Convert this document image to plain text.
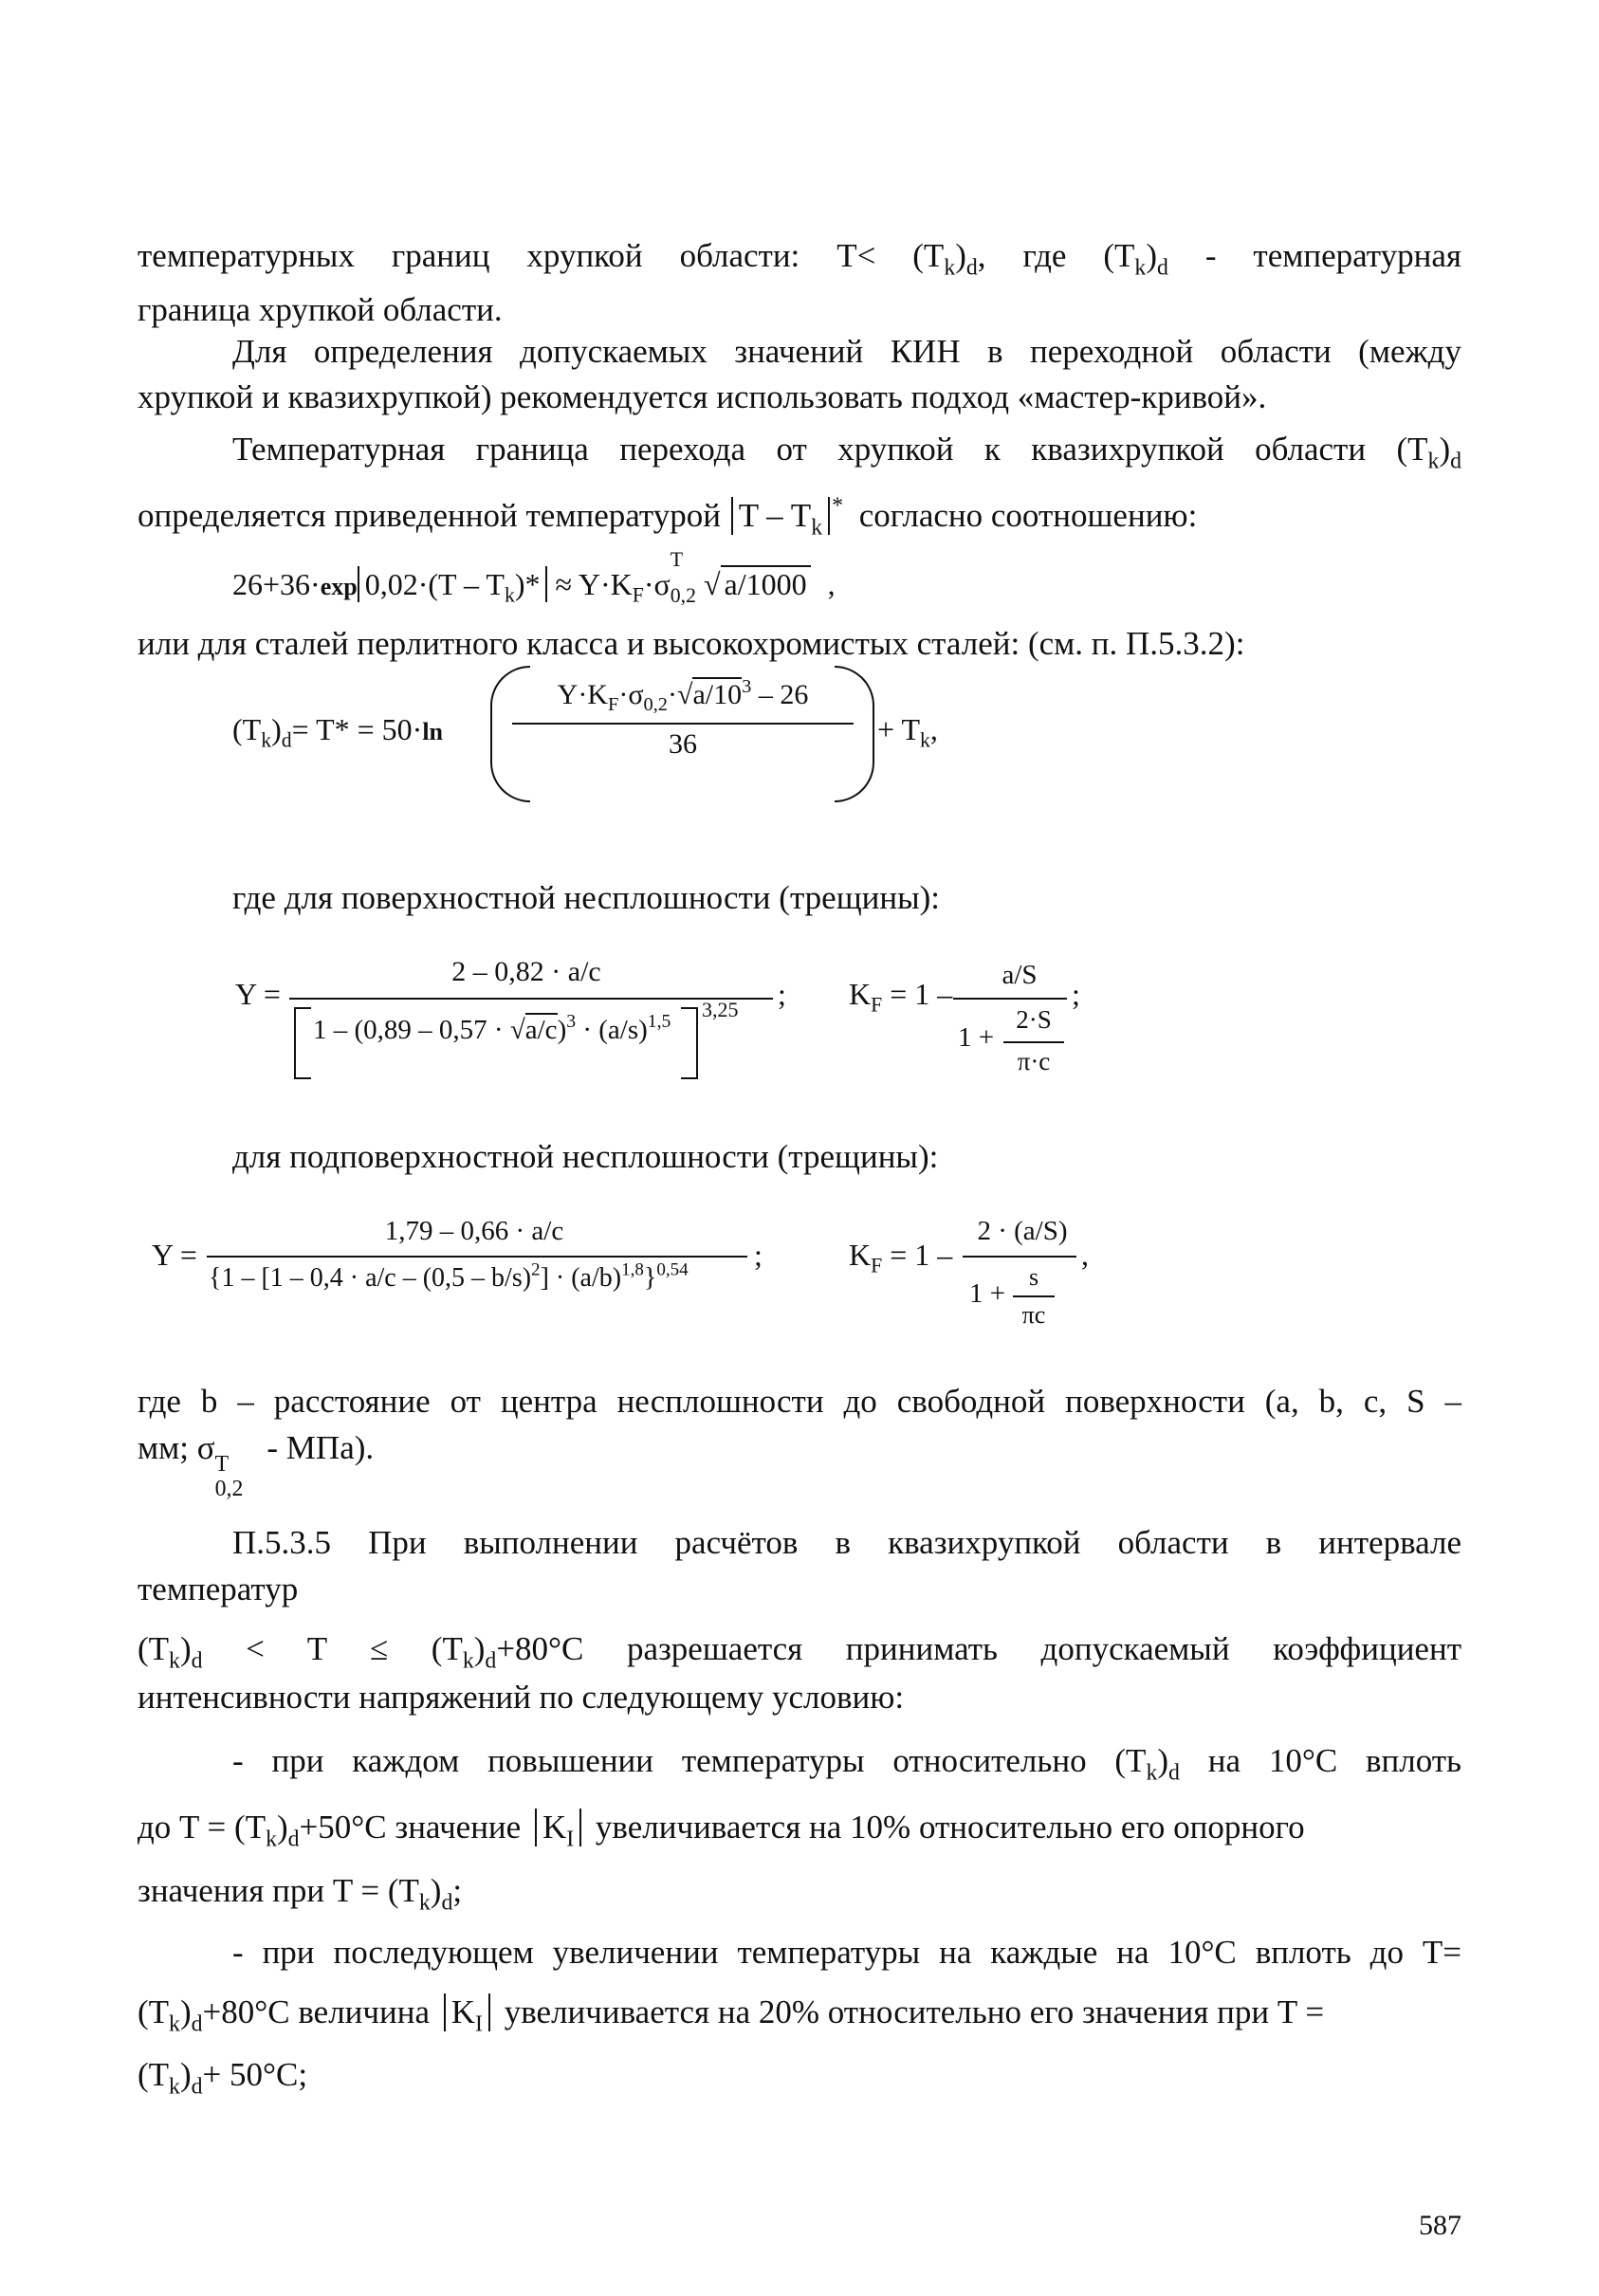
температурных границ хрупкой области: $T< (T_k)_d$, где $(T_k)_d$ - температурная
граница хрупкой области.
Для определения допускаемых значений КИН в переходной области (между
хрупкой и квазихрупкой) рекомендуется использовать подход «мастер-кривой».
Температурная граница перехода от хрупкой к квазихрупкой области $(T_k)_d$
определяется приведенной температурой T – $T_k^*$ согласно соотношению:
26+36·exp $0,02\cdot(T - T_k)* \approx Y\cdot K_F\cdot\sigma$
T
$_{0,2}$ √ a/1000 ,
или для сталей перлитного класса и высокохромистых сталей: (см. п. П.5.3.2):
$(T_k)_d= T* = 50\cdot\ln$
$Y\cdot K_F\cdot\sigma_{0,2}\cdot√a/10^3 - 26$
36	+ $T_k$,
где для поверхностной несплошности (трещины):
Y =
2 – 0,82 · a/c
$1 - (0,89 - 0,57 \cdot √a/c)^3 \cdot (a/s)^{1,5}$
3,25 ; $K_F = 1$ –
a/S
1 +
2·S
π·c
;
для подповерхностной несплошности (трещины):
Y =
1,79 – 0,66 · a/c
$\{1 - [1 - 0,4 \cdot a/c - (0,5 - b/s)^2] \cdot (a/b)^{1,8}\}^{0,54}$ ;	$K_F = 1$ –
2 · (a/S)
1 +
s
πc
,
где b – расстояние от центра несплошности до свободной поверхности (a, b, c, S –
мм; σ T
0,2
- МПа).
П.5.3.5 При выполнении расчётов в квазихрупкой области в интервале
температур
$(T_k)_d < T \le (T_k)_d+80^\circ C$ разрешается принимать допускаемый коэффициент
интенсивности напряжений по следующему условию:
- при каждом повышении температуры относительно $(T_k)_d$ на 10°C вплоть
до $T = (T_k)_d+50^\circ C$ значение $K_I$ увеличивается на 10% относительно его опорного
значения при $T = (T_k)_d$;
- при последующем увеличении температуры на каждые на 10°C вплоть до T=
$(T_k)_d+80^\circ C$ величина $K_I$ увеличивается на 20% относительно его значения при T =
$(T_k)_d+ 50^\circ C$;
587
